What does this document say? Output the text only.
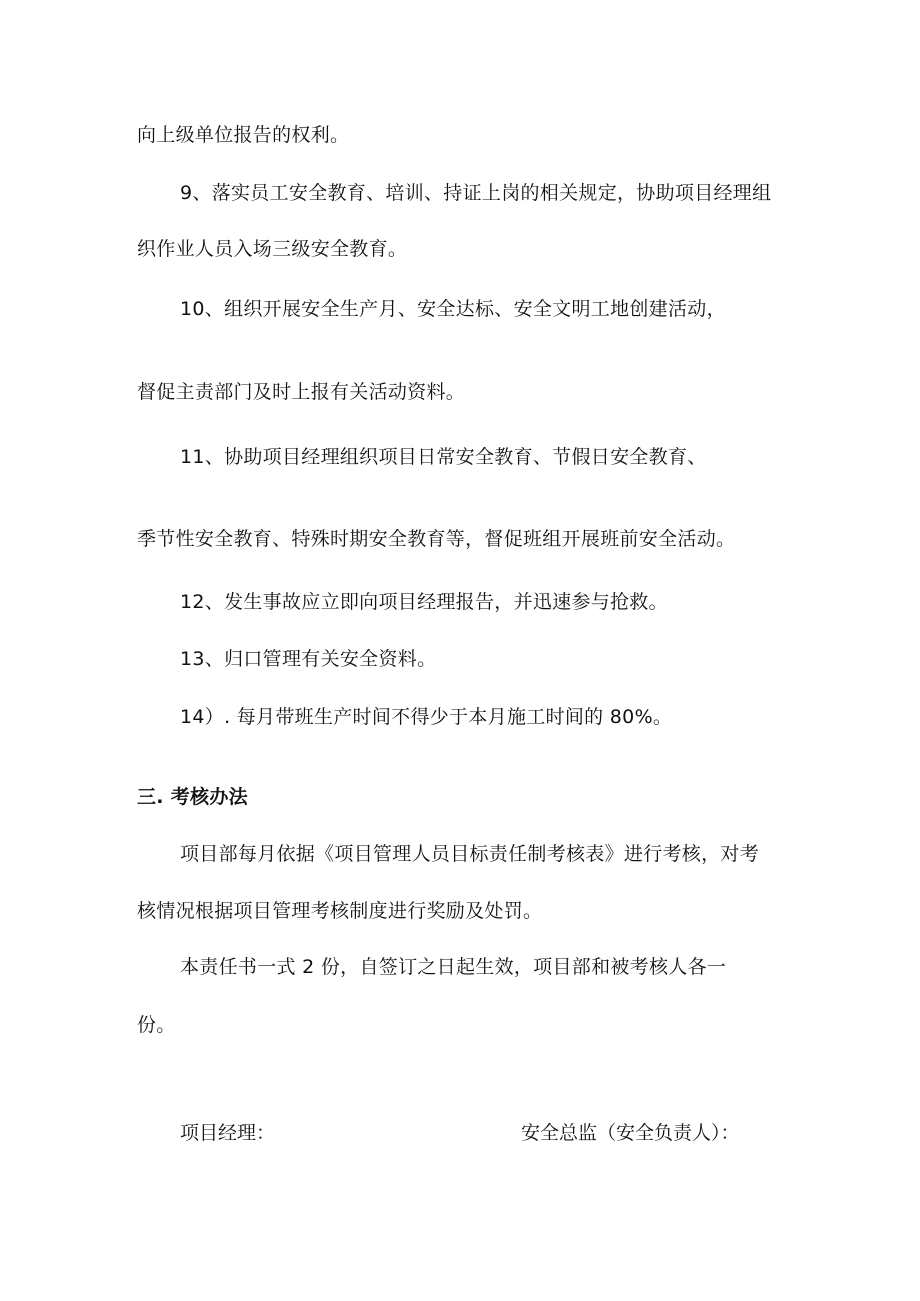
向上级单位报告的权利。
9、落实员工安全教育、培训、持证上岗的相关规定，协助项目经理组
织作业人员入场三级安全教育。
10、组织开展安全生产月、安全达标、安全文明工地创建活动，
督促主责部门及时上报有关活动资料。
11、协助项目经理组织项目日常安全教育、节假日安全教育、
季节性安全教育、特殊时期安全教育等，督促班组开展班前安全活动。
12、发生事故应立即向项目经理报告，并迅速参与抢救。
13、归口管理有关安全资料。
14）. 每月带班生产时间不得少于本月施工时间的 80%。
三. 考核办法
项目部每月依据《项目管理人员目标责任制考核表》进行考核，对考
核情况根据项目管理考核制度进行奖励及处罚。
本责任书一式 2 份，自签订之日起生效，项目部和被考核人各一
份。
项目经理：	安全总监（安全负责人）：
